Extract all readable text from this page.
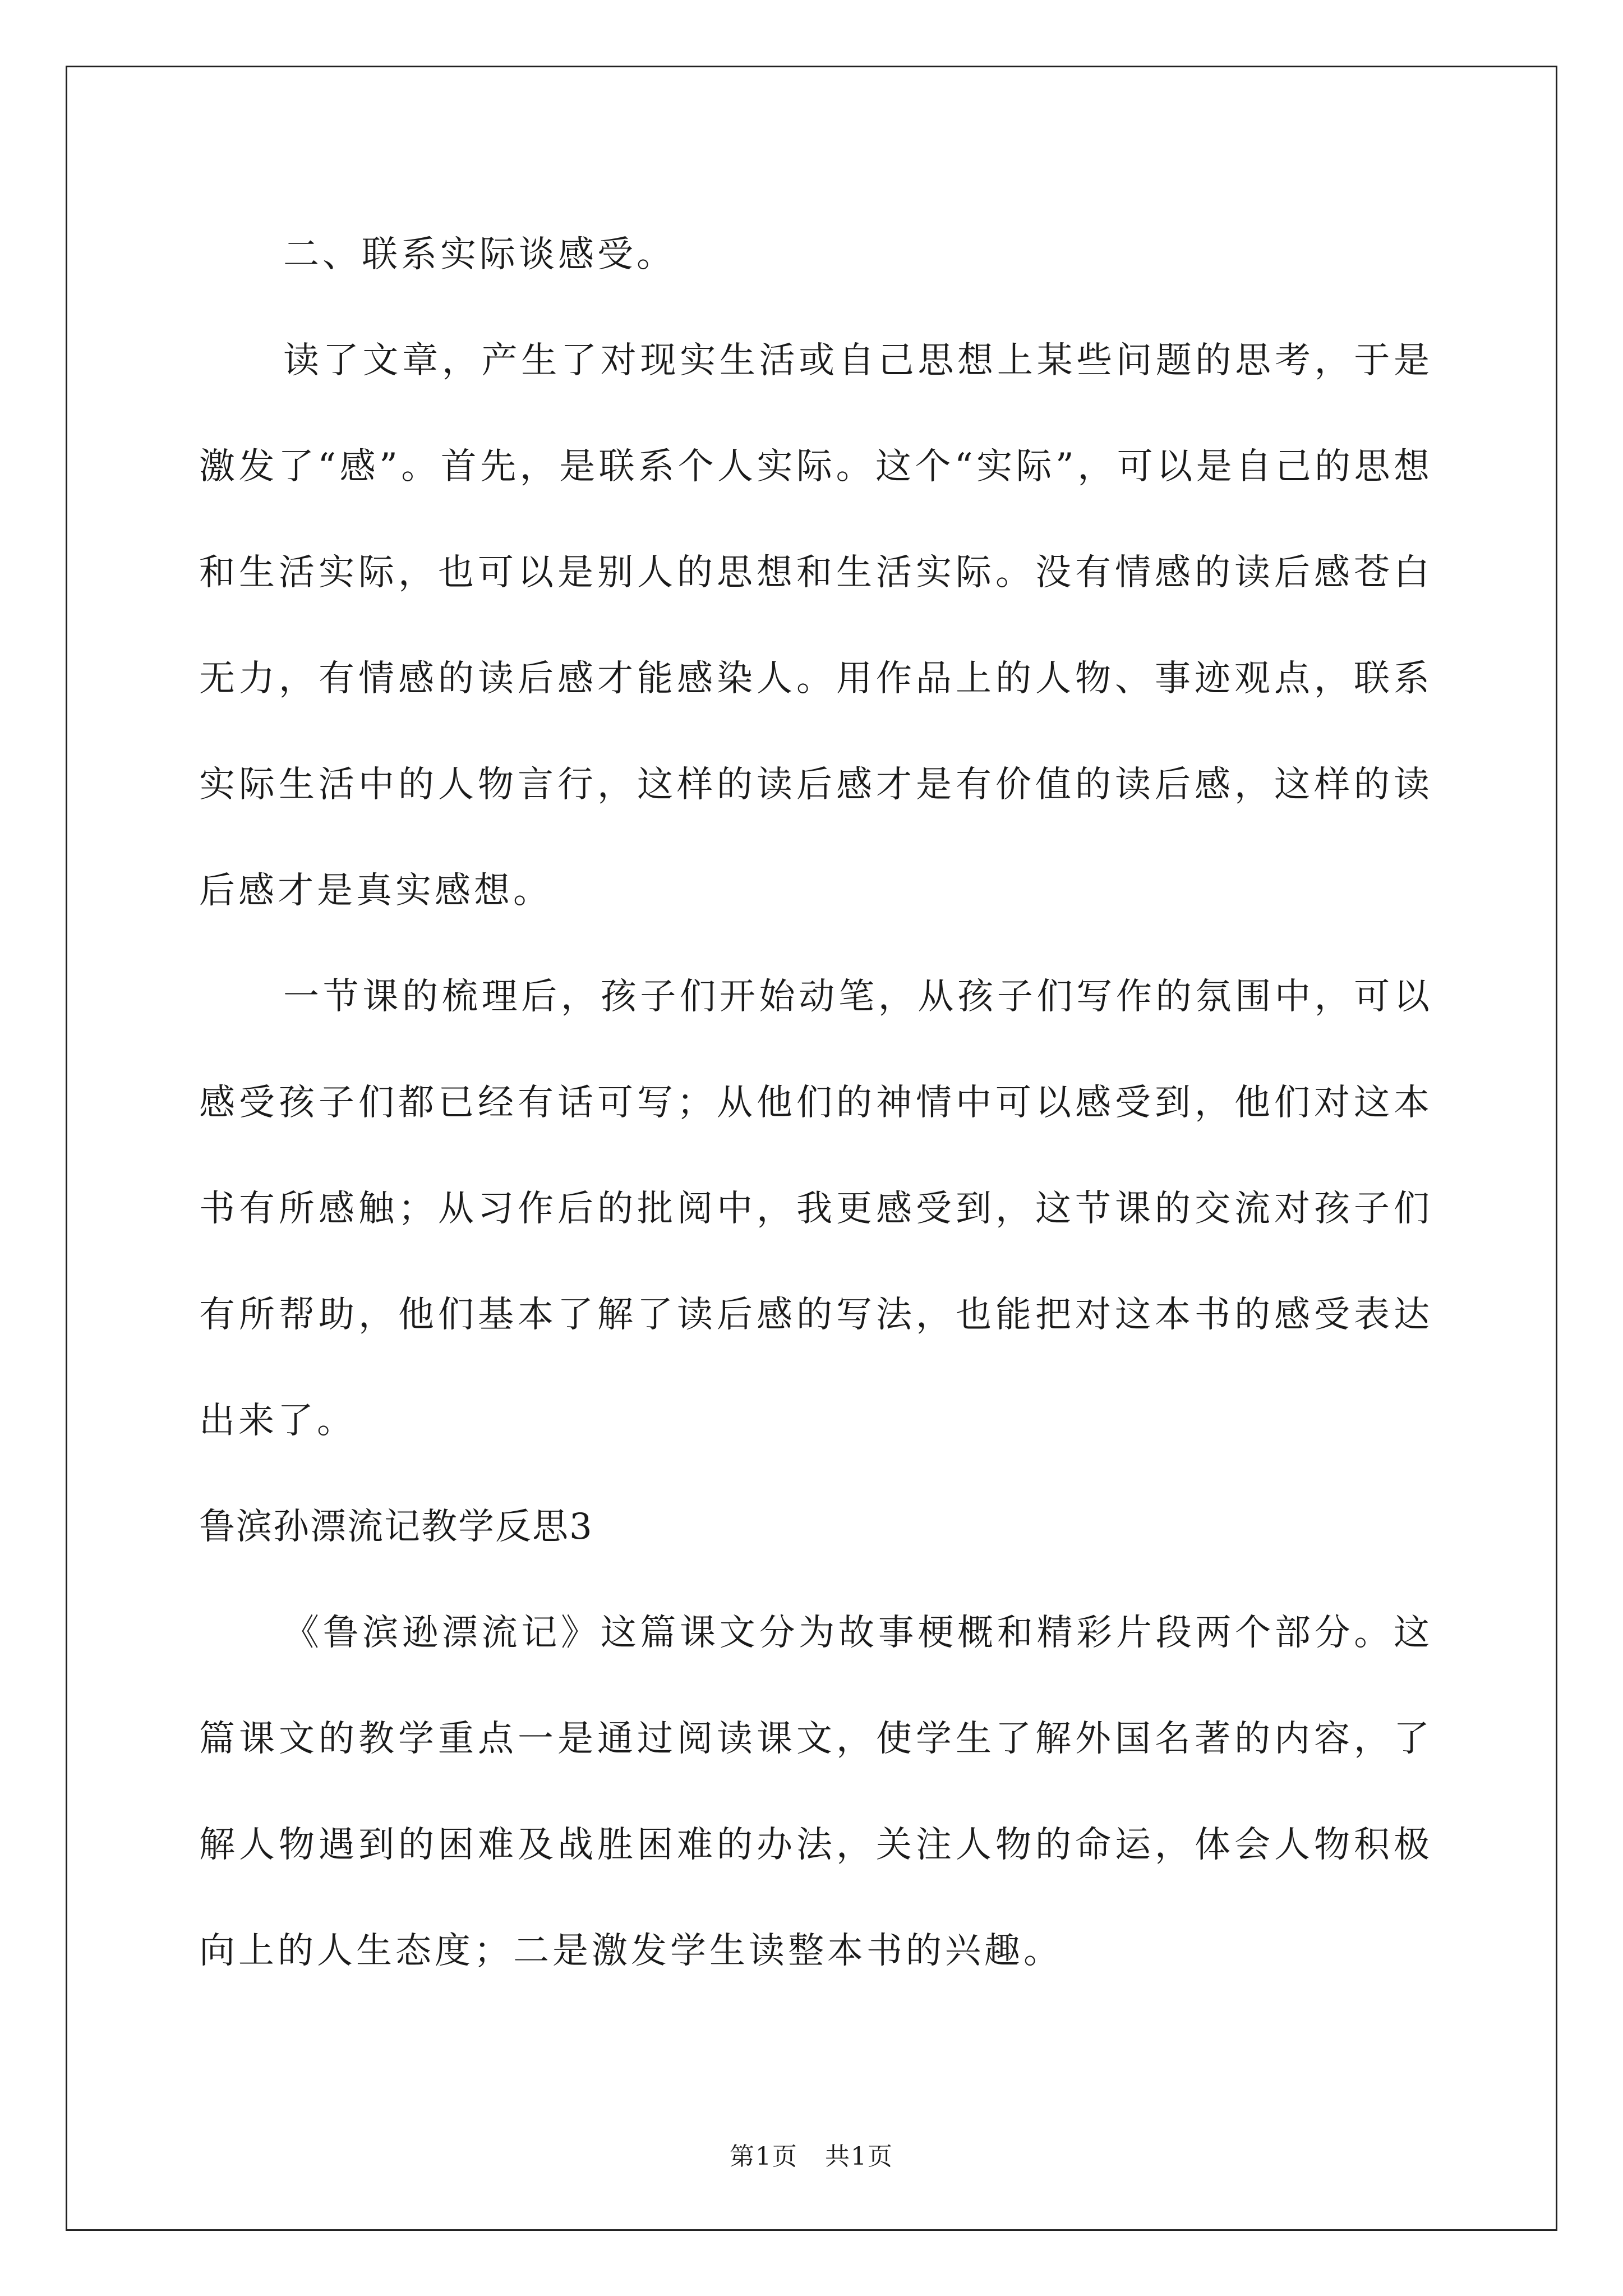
二、联系实际谈感受。

读了文章，产生了对现实生活或自己思想上某些问题的思考，于是激发了“感”。首先，是联系个人实际。这个“实际”，可以是自己的思想和生活实际，也可以是别人的思想和生活实际。没有情感的读后感苍白无力，有情感的读后感才能感染人。用作品上的人物、事迹观点，联系实际生活中的人物言行，这样的读后感才是有价值的读后感，这样的读后感才是真实感想。

一节课的梳理后，孩子们开始动笔，从孩子们写作的氛围中，可以感受孩子们都已经有话可写；从他们的神情中可以感受到，他们对这本书有所感触；从习作后的批阅中，我更感受到，这节课的交流对孩子们有所帮助，他们基本了解了读后感的写法，也能把对这本书的感受表达出来了。

鲁滨孙漂流记教学反思3

《鲁滨逊漂流记》这篇课文分为故事梗概和精彩片段两个部分。这篇课文的教学重点一是通过阅读课文，使学生了解外国名著的内容，了解人物遇到的困难及战胜困难的办法，关注人物的命运，体会人物积极向上的人生态度；二是激发学生读整本书的兴趣。

第1页 共1页
